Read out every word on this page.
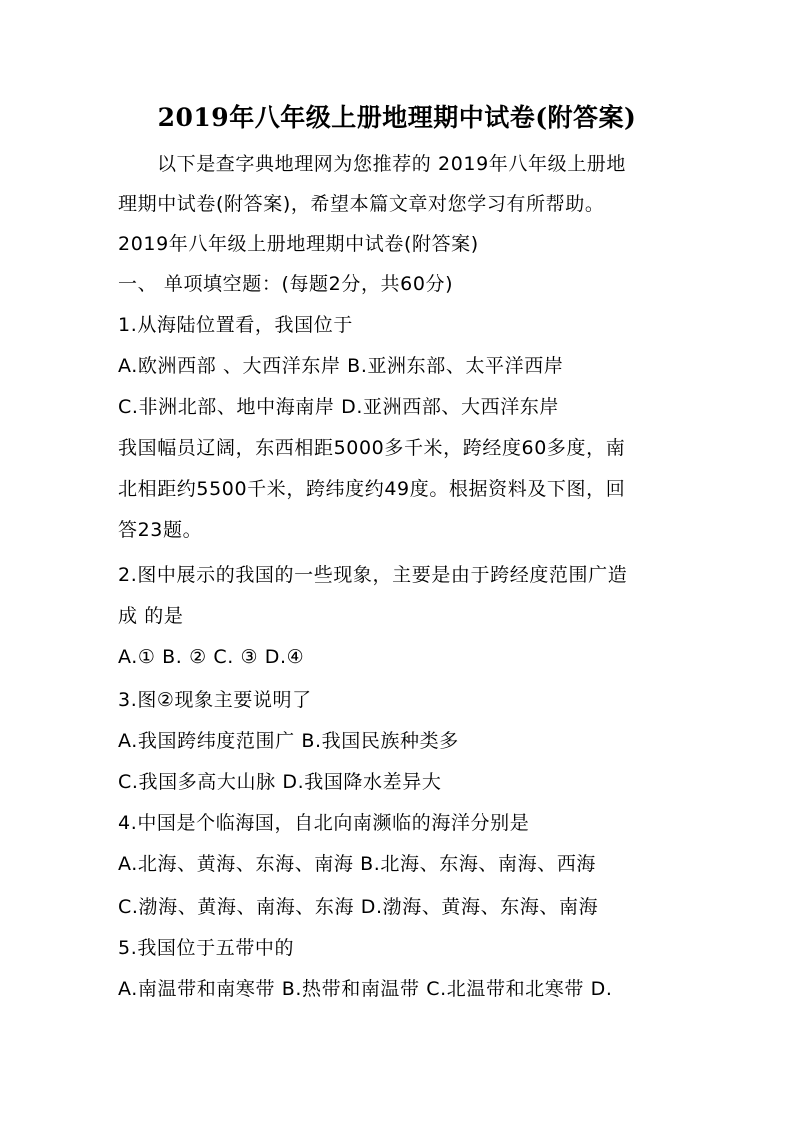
2019年八年级上册地理期中试卷(附答案)
以下是查字典地理网为您推荐的 2019年八年级上册地
理期中试卷(附答案)，希望本篇文章对您学习有所帮助。
2019年八年级上册地理期中试卷(附答案)
一、 单项填空题：(每题2分，共60分)
1.从海陆位置看，我国位于
A.欧洲西部 、大西洋东岸 B.亚洲东部、太平洋西岸
C.非洲北部、地中海南岸 D.亚洲西部、大西洋东岸
我国幅员辽阔，东西相距5000多千米，跨经度60多度，南
北相距约5500千米，跨纬度约49度。根据资料及下图，回
答23题。
2.图中展示的我国的一些现象，主要是由于跨经度范围广造
成 的是
A.① B. ② C. ③ D.④
3.图②现象主要说明了
A.我国跨纬度范围广 B.我国民族种类多
C.我国多高大山脉 D.我国降水差异大
4.中国是个临海国，自北向南濒临的海洋分别是
A.北海、黄海、东海、南海 B.北海、东海、南海、西海
C.渤海、黄海、南海、东海 D.渤海、黄海、东海、南海
5.我国位于五带中的
A.南温带和南寒带 B.热带和南温带 C.北温带和北寒带 D.
